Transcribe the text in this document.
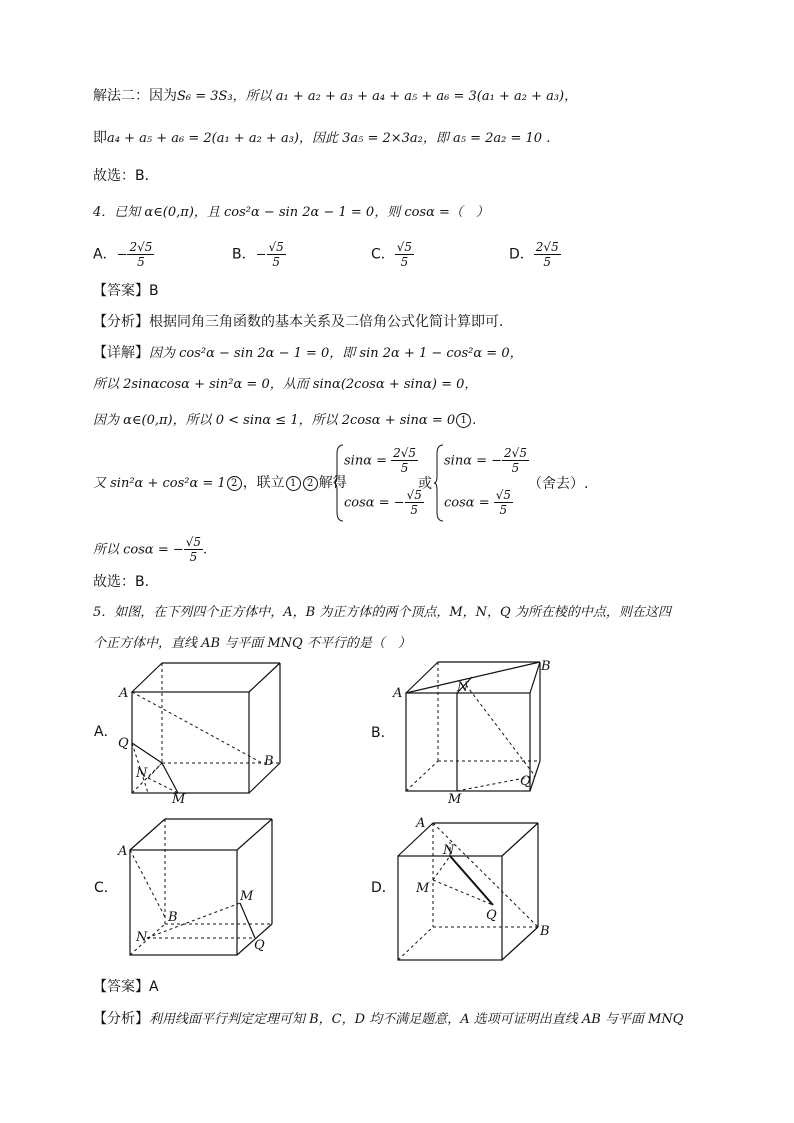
解法二：因为S₆ = 3S₃，所以 a₁ + a₂ + a₃ + a₄ + a₅ + a₆ = 3(a₁ + a₂ + a₃)，
即a₄ + a₅ + a₆ = 2(a₁ + a₂ + a₃)，因此 3a₅ = 2×3a₂，即 a₅ = 2a₂ = 10 .
故选：B．
4．已知 α∈(0,π)，且 cos²α − sin 2α − 1 = 0，则 cosα =（　）
A．− $\frac{2√5}{5}$	B．− $\frac{√5}{5}$	C． $\frac{√5}{5}$	D． $\frac{2√5}{5}$
【答案】B
【分析】根据同角三角函数的基本关系及二倍角公式化简计算即可.
【详解】因为 cos²α − sin 2α − 1 = 0，即 sin 2α + 1 − cos²α = 0，
所以 2sinαcosα + sin²α = 0，从而 sinα(2cosα + sinα) = 0，
因为 α∈(0,π)，所以 0 < sinα ≤ 1，所以 2cosα + sinα = 0 1 .
又 sin²α + cos²α = 1 2 ，联立 1 2 解得
$\sin\alpha = \frac{2√5}{5}$
cosα = − $\frac{√5}{5}$
或
sinα = − $\frac{2√5}{5}$
$\cos\alpha = \frac{√5}{5}$
（舍去）.
所以 cosα = − $\frac{√5}{5}$ .
故选：B.
5．如图，在下列四个正方体中，A，B 为正方体的两个顶点，M，N，Q 为所在棱的中点，则在这四
个正方体中，直线 AB 与平面 MNQ 不平行的是（　）
A．
A
B
Q
N
M
B．
A
B
N
M
Q
C．
A
B
M
N
Q
D．
A
B
N
M
Q
【答案】A
【分析】利用线面平行判定定理可知 B，C，D 均不满足题意，A 选项可证明出直线 AB 与平面 MNQ
